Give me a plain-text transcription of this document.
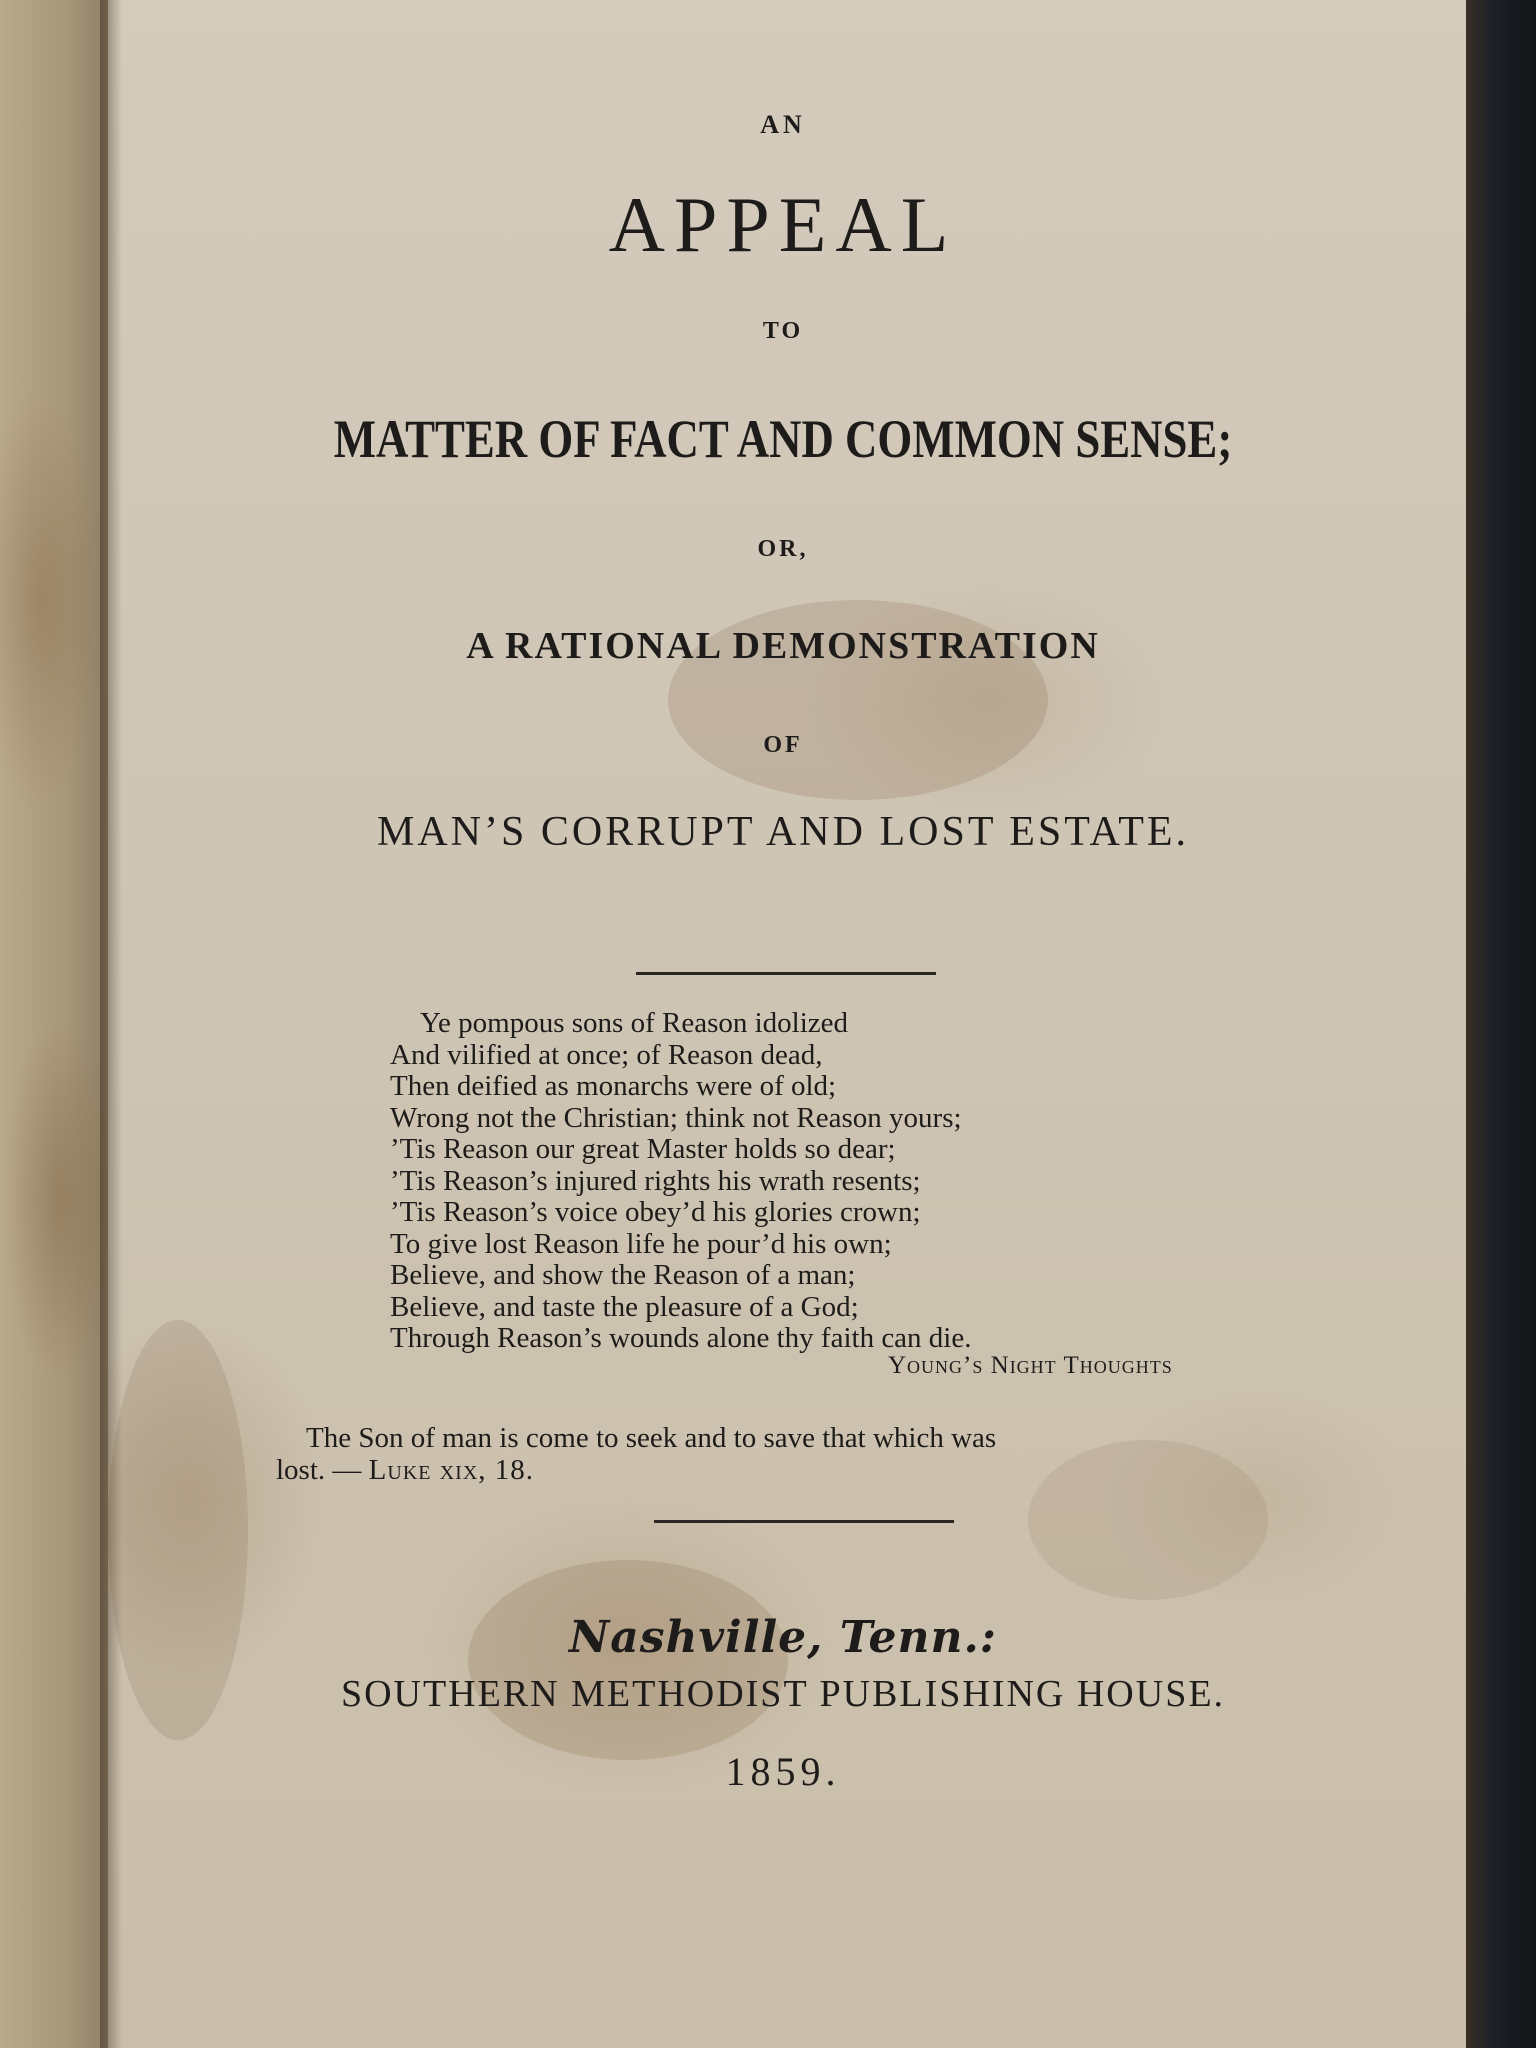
AN
APPEAL
TO
MATTER OF FACT AND COMMON SENSE;
OR,
A RATIONAL DEMONSTRATION
OF
MAN’S CORRUPT AND LOST ESTATE.
Ye pompous sons of Reason idolized
And vilified at once; of Reason dead,
Then deified as monarchs were of old;
Wrong not the Christian; think not Reason yours;
’Tis Reason our great Master holds so dear;
’Tis Reason’s injured rights his wrath resents;
’Tis Reason’s voice obey’d his glories crown;
To give lost Reason life he pour’d his own;
Believe, and show the Reason of a man;
Believe, and taste the pleasure of a God;
Through Reason’s wounds alone thy faith can die.
Young’s Night Thoughts
The Son of man is come to seek and to save that which was
lost. — Luke xix, 18.
Nashville, Tenn.:
SOUTHERN METHODIST PUBLISHING HOUSE.
1859.
